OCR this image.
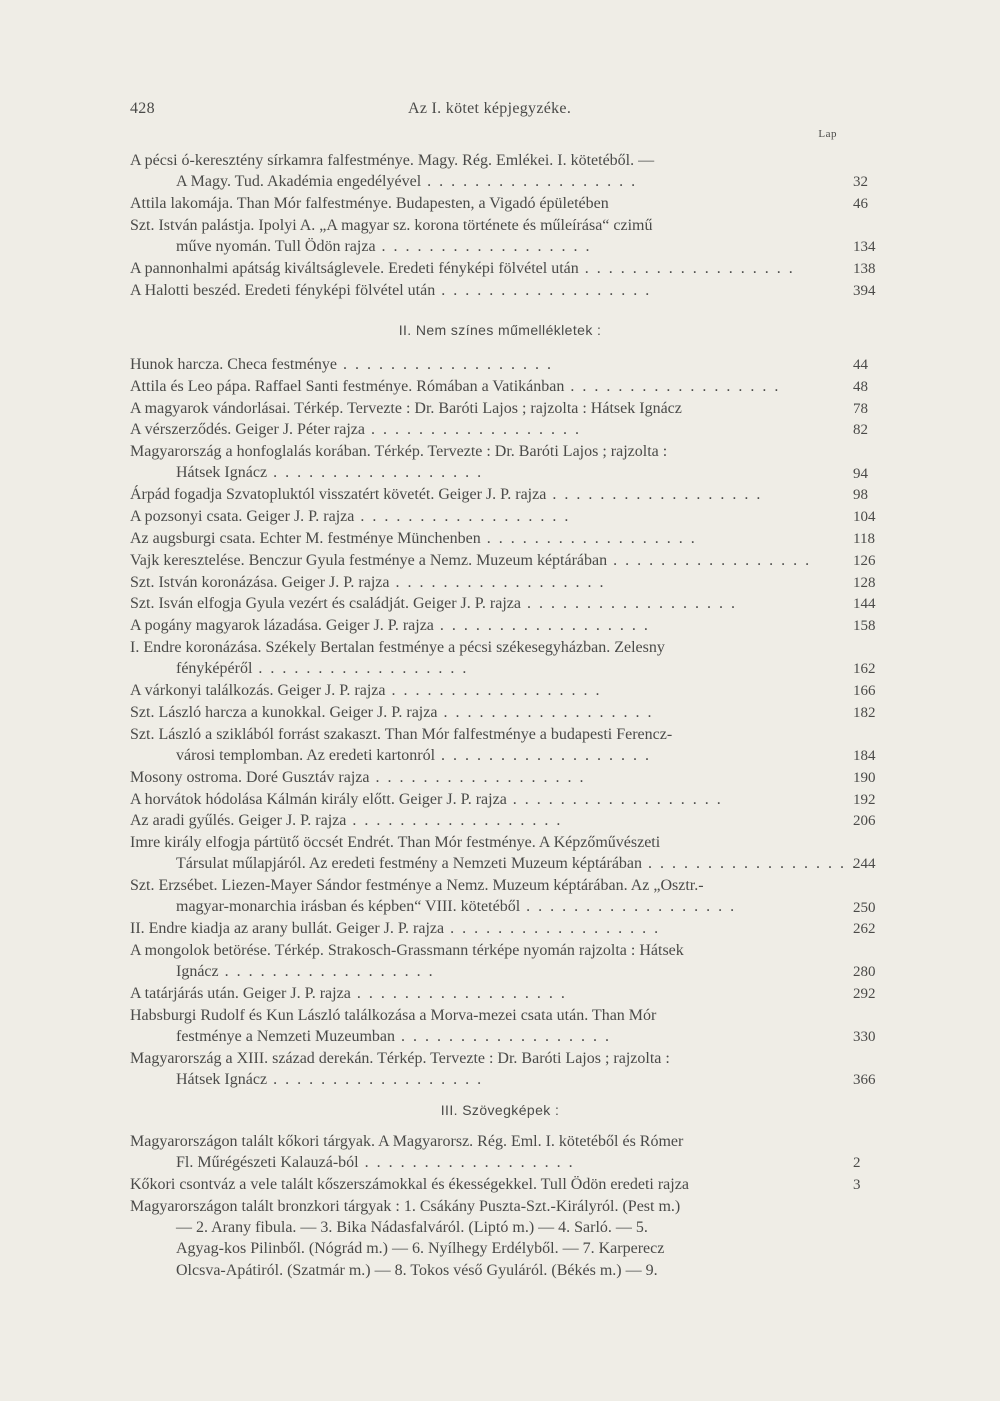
428	Az I. kötet képjegyzéke.
Lap
A pécsi ó-keresztény sírkamra falfestménye. Magy. Rég. Emlékei. I. kötetéből. —
A Magy. Tud. Akadémia engedélyével . .	32
Attila lakomája. Than Mór falfestménye. Budapesten, a Vigadó épületében	46
Szt. István palástja. Ipolyi A. „A magyar sz. korona története és műleírása“ czimű
műve nyomán. Tull Ödön rajza . .	134
A pannonhalmi apátság kiváltságlevele. Eredeti fényképi fölvétel után . .	138
A Halotti beszéd. Eredeti fényképi fölvétel után . .	394
II. Nem színes műmellékletek :
Hunok harcza. Checa festménye . .	44
Attila és Leo pápa. Raffael Santi festménye. Rómában a Vatikánban . .	48
A magyarok vándorlásai. Térkép. Tervezte : Dr. Baróti Lajos ; rajzolta : Hátsek Ignácz	78
A vérszerződés. Geiger J. Péter rajza . .	82
Magyarország a honfoglalás korában. Térkép. Tervezte : Dr. Baróti Lajos ; rajzolta :
Hátsek Ignácz . .	94
Árpád fogadja Szvatopluktól visszatért követét. Geiger J. P. rajza . .	98
A pozsonyi csata. Geiger J. P. rajza . .	104
Az augsburgi csata. Echter M. festménye Münchenben . .	118
Vajk keresztelése. Benczur Gyula festménye a Nemz. Muzeum képtárában . .	126
Szt. István koronázása. Geiger J. P. rajza . .	128
Szt. Isván elfogja Gyula vezért és családját. Geiger J. P. rajza . .	144
A pogány magyarok lázadása. Geiger J. P. rajza . .	158
I. Endre koronázása. Székely Bertalan festménye a pécsi székesegyházban. Zelesny
fényképéről . .	162
A várkonyi találkozás. Geiger J. P. rajza . .	166
Szt. László harcza a kunokkal. Geiger J. P. rajza . .	182
Szt. László a sziklából forrást szakaszt. Than Mór falfestménye a budapesti Ferencz-
városi templomban. Az eredeti kartonról . .	184
Mosony ostroma. Doré Gusztáv rajza . .	190
A horvátok hódolása Kálmán király előtt. Geiger J. P. rajza . .	192
Az aradi gyűlés. Geiger J. P. rajza . .	206
Imre király elfogja pártütő öccsét Endrét. Than Mór festménye. A Képzőművészeti
Társulat műlapjáról. Az eredeti festmény a Nemzeti Muzeum képtárában . .	244
Szt. Erzsébet. Liezen-Mayer Sándor festménye a Nemz. Muzeum képtárában. Az „Osztr.-
magyar-monarchia irásban és képben“ VIII. kötetéből . .	250
II. Endre kiadja az arany bullát. Geiger J. P. rajza . .	262
A mongolok betörése. Térkép. Strakosch-Grassmann térképe nyomán rajzolta : Hátsek
Ignácz . .	280
A tatárjárás után. Geiger J. P. rajza . .	292
Habsburgi Rudolf és Kun László találkozása a Morva-mezei csata után. Than Mór
festménye a Nemzeti Muzeumban . .	330
Magyarország a XIII. század derekán. Térkép. Tervezte : Dr. Baróti Lajos ; rajzolta :
Hátsek Ignácz . .	366
III. Szövegképek :
Magyarországon talált kőkori tárgyak. A Magyarorsz. Rég. Eml. I. kötetéből és Rómer
Fl. Műrégészeti Kalauzá-ból . .	2
Kőkori csontváz a vele talált kőszerszámokkal és ékességekkel. Tull Ödön eredeti rajza	3
Magyarországon talált bronzkori tárgyak : 1. Csákány Puszta-Szt.-Királyról. (Pest m.)
— 2. Arany fibula. — 3. Bika Nádasfalváról. (Liptó m.) — 4. Sarló. — 5.
Agyag-kos Pilinből. (Nógrád m.) — 6. Nyílhegy Erdélyből. — 7. Karperecz
Olcsva-Apátiról. (Szatmár m.) — 8. Tokos véső Gyuláról. (Békés m.) — 9.
